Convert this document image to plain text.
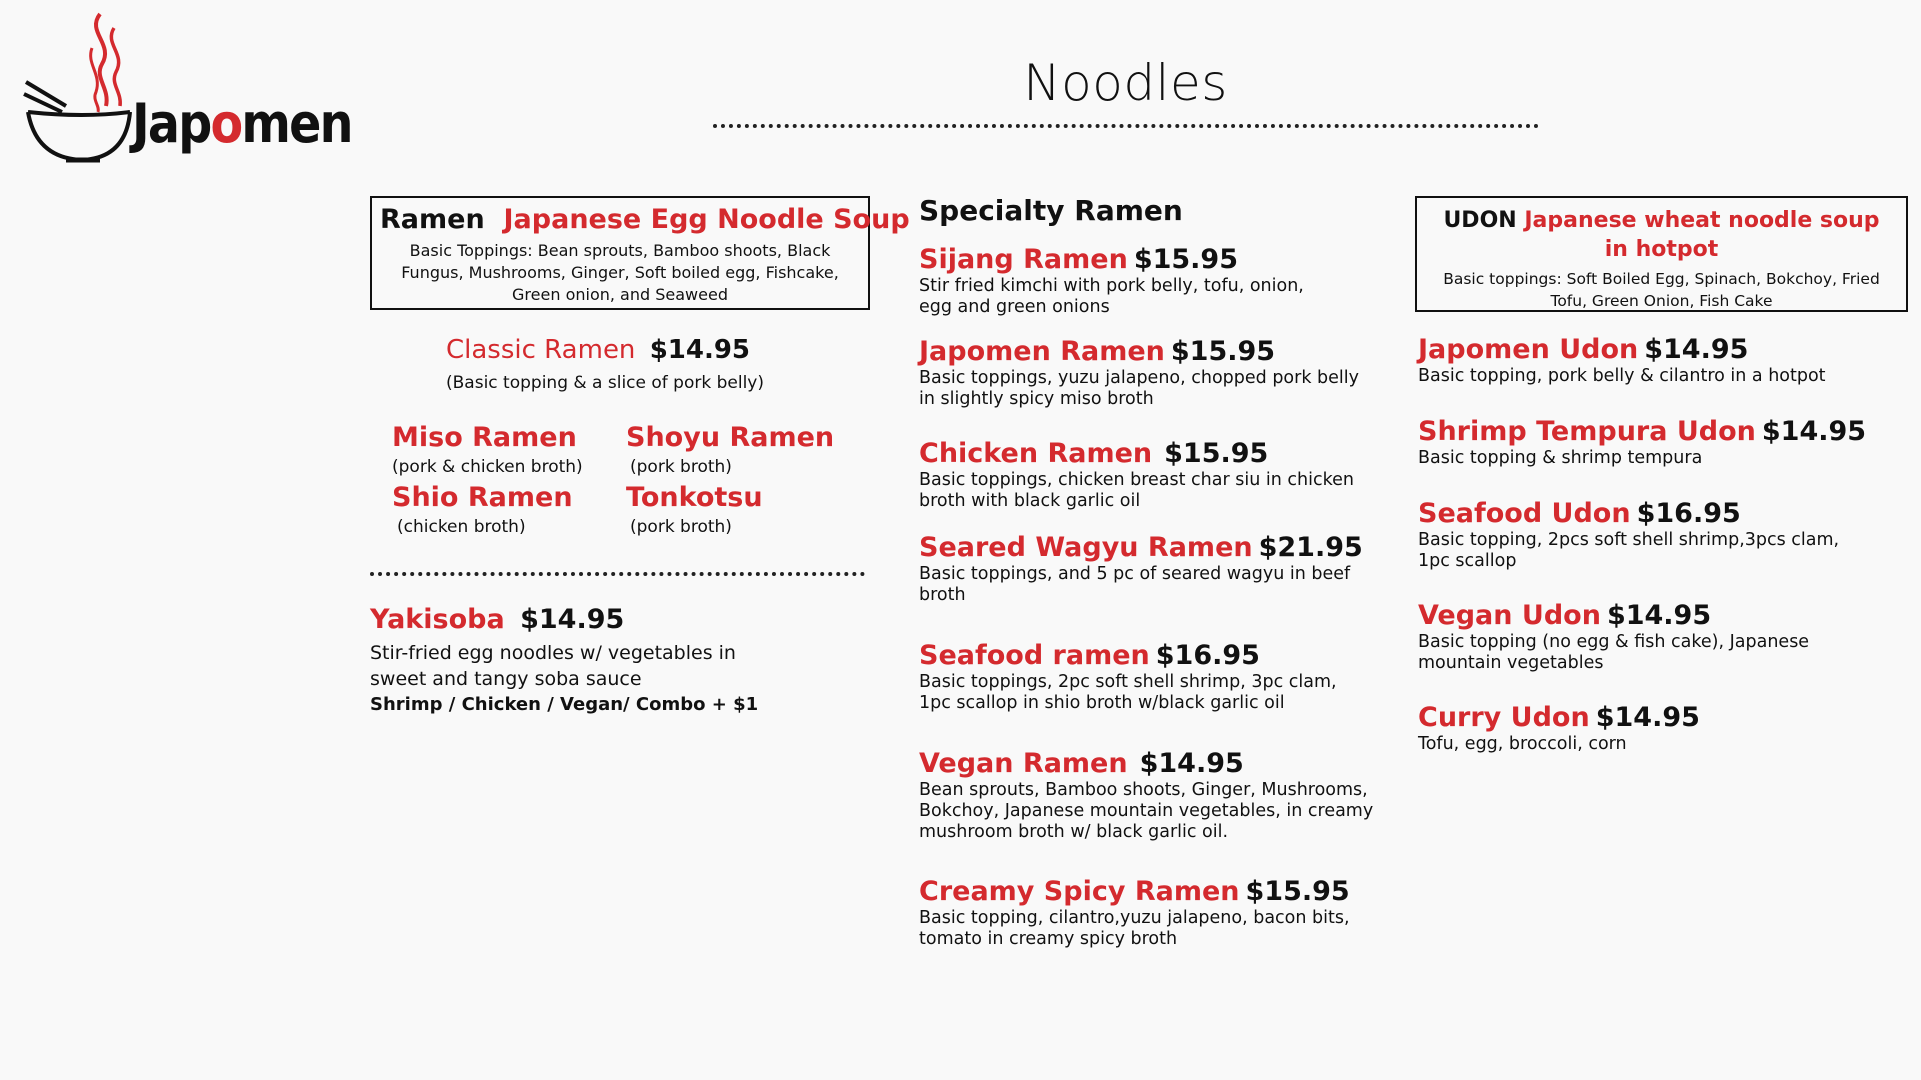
Japomen
Noodles
Ramen Japanese Egg Noodle Soup
Basic Toppings: Bean sprouts, Bamboo shoots, Black Fungus, Mushrooms, Ginger, Soft boiled egg, Fishcake, Green onion, and Seaweed
Classic Ramen $14.95
(Basic topping & a slice of pork belly)
Miso Ramen
(pork & chicken broth)
Shoyu Ramen
(pork broth)
Shio Ramen
(chicken broth)
Tonkotsu
(pork broth)
Yakisoba $14.95
Stir-fried egg noodles w/ vegetables in
sweet and tangy soba sauce
Shrimp / Chicken / Vegan/ Combo + $1
Specialty Ramen
Sijang Ramen $15.95
Stir fried kimchi with pork belly, tofu, onion, egg and green onions
Japomen Ramen $15.95
Basic toppings, yuzu jalapeno, chopped pork belly in slightly spicy miso broth
Chicken Ramen $15.95
Basic toppings, chicken breast char siu in chicken broth with black garlic oil
Seared Wagyu Ramen $21.95
Basic toppings, and 5 pc of seared wagyu in beef broth
Seafood ramen $16.95
Basic toppings, 2pc soft shell shrimp, 3pc clam, 1pc scallop in shio broth w/black garlic oil
Vegan Ramen $14.95
Bean sprouts, Bamboo shoots, Ginger, Mushrooms, Bokchoy, Japanese mountain vegetables, in creamy mushroom broth w/ black garlic oil.
Creamy Spicy Ramen $15.95
Basic topping, cilantro,yuzu jalapeno, bacon bits, tomato in creamy spicy broth
UDON Japanese wheat noodle soup in hotpot
Basic toppings: Soft Boiled Egg, Spinach, Bokchoy, Fried Tofu, Green Onion, Fish Cake
Japomen Udon $14.95
Basic topping, pork belly & cilantro in a hotpot
Shrimp Tempura Udon $14.95
Basic topping & shrimp tempura
Seafood Udon $16.95
Basic topping, 2pcs soft shell shrimp,3pcs clam, 1pc scallop
Vegan Udon $14.95
Basic topping (no egg & fish cake), Japanese mountain vegetables
Curry Udon $14.95
Tofu, egg, broccoli, corn
